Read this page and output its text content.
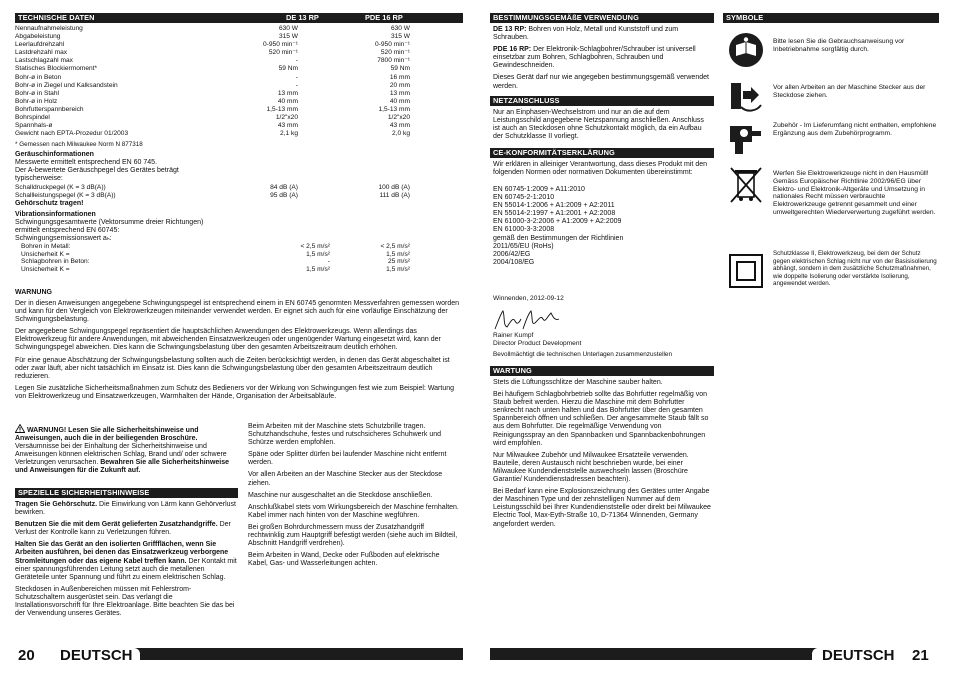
TECHNISCHE DATEN	DE 13 RP	PDE 16 RP
Nennaufnahmeleistung	630 W	630 W
Abgabeleistung	315 W	315 W
Leerlaufdrehzahl	0-950 min⁻¹	0-950 min⁻¹
Lastdrehzahl max	520 min⁻¹	520 min⁻¹
Lastschlagzahl max	-	7800 min⁻¹
Statisches Blockiermoment*	59 Nm	59 Nm
Bohr-ø in Beton	-	16 mm
Bohr-ø in Ziegel und Kalksandstein	-	20 mm
Bohr-ø in Stahl	13 mm	13 mm
Bohr-ø in Holz	40 mm	40 mm
Bohrfutterspannbereich	1,5-13 mm	1,5-13 mm
Bohrspindel	1/2"x20	1/2"x20
Spannhals-ø	43 mm	43 mm
Gewicht nach EPTA-Prozedur 01/2003	2,1 kg	2,0 kg
* Gemessen nach Milwaukee Norm N 877318
Geräuschinformationen
Messwerte ermittelt entsprechend EN 60 745.
Der A-bewertete Geräuschpegel des Gerätes beträgt
typischerweise:
Schalldruckpegel (K = 3 dB(A))	84 dB (A)	100 dB (A)
Schallleistungspegel (K = 3 dB(A))	95 dB (A)	111 dB (A)
Gehörschutz tragen!
Vibrationsinformationen
Schwingungsgesamtwerte (Vektorsumme dreier Richtungen)
ermittelt entsprechend EN 60745:
Schwingungsemissionswert aₕ:
Bohren in Metall:	< 2,5 m/s²	< 2,5 m/s²
Unsicherheit K =	1,5 m/s²	1,5 m/s²
Schlagbohren in Beton:	-	25 m/s²
Unsicherheit K =	1,5 m/s²	1,5 m/s²
WARNUNG

Der in diesen Anweisungen angegebene Schwingungspegel ist entsprechend einem in EN 60745 genormten Messverfahren gemessen worden und kann für den Vergleich von Elektrowerkzeugen miteinander verwendet werden. Er eignet sich auch für eine vorläufige Einschätzung der Schwingungsbelastung.

Der angegebene Schwingungspegel repräsentiert die hauptsächlichen Anwendungen des Elektrowerkzeugs. Wenn allerdings das Elektrowerkzeug für andere Anwendungen, mit abweichenden Einsatzwerkzeugen oder ungenügender Wartung eingesetzt wird, kann der Schwingungspegel abweichen. Dies kann die Schwingungsbelastung über den gesamten Arbeitszeitraum deutlich erhöhen.

Für eine genaue Abschätzung der Schwingungsbelastung sollten auch die Zeiten berücksichtigt werden, in denen das Gerät abgeschaltet ist oder zwar läuft, aber nicht tatsächlich im Einsatz ist. Dies kann die Schwingungsbelastung über den gesamten Arbeitszeitraum deutlich reduzieren.

Legen Sie zusätzliche Sicherheitsmaßnahmen zum Schutz des Bedieners vor der Wirkung von Schwingungen fest wie zum Beispiel: Wartung von Elektrowerkzeug und Einsatzwerkzeugen, Warmhalten der Hände, Organisation der Arbeitsabläufe.

WARNUNG! Lesen Sie alle Sicherheitshinweise und Anweisungen, auch die in der beiliegenden Broschüre. Versäumnisse bei der Einhaltung der Sicherheitshinweise und Anweisungen können elektrischen Schlag, Brand und/ oder schwere Verletzungen verursachen. Bewahren Sie alle Sicherheitshinweise und Anweisungen für die Zukunft auf.
SPEZIELLE SICHERHEITSHINWEISE

Tragen Sie Gehörschutz. Die Einwirkung von Lärm kann Gehörverlust bewirken.

Benutzen Sie die mit dem Gerät gelieferten Zusatzhandgriffe. Der Verlust der Kontrolle kann zu Verletzungen führen.

Halten Sie das Gerät an den isolierten Griffflächen, wenn Sie Arbeiten ausführen, bei denen das Einsatzwerkzeug verborgene Stromleitungen oder das eigene Kabel treffen kann. Der Kontakt mit einer spannungsführenden Leitung setzt auch die metallenen Geräteteile unter Spannung und führt zu einem elektrischen Schlag.

Steckdosen in Außenbereichen müssen mit Fehlerstrom-Schutzschaltern ausgerüstet sein. Das verlangt die Installationsvorschrift für Ihre Elektroanlage. Bitte beachten Sie das bei der Verwendung unseres Gerätes.

Beim Arbeiten mit der Maschine stets Schutzbrille tragen. Schutzhandschuhe, festes und rutschsicheres Schuhwerk und Schürze werden empfohlen.

Späne oder Splitter dürfen bei laufender Maschine nicht entfernt werden.

Vor allen Arbeiten an der Maschine Stecker aus der Steckdose ziehen.

Maschine nur ausgeschaltet an die Steckdose anschließen.

Anschlußkabel stets vom Wirkungsbereich der Maschine fernhalten. Kabel immer nach hinten von der Maschine wegführen.

Bei großen Bohrdurchmessern muss der Zusatzhandgriff rechtwinklig zum Hauptgriff befestigt werden (siehe auch im Bildteil, Abschnitt Handgriff verdrehen).

Beim Arbeiten in Wand, Decke oder Fußboden auf elektrische Kabel, Gas- und Wasserleitungen achten.

20 DEUTSCH
BESTIMMUNGSGEMÄßE VERWENDUNG

DE 13 RP: Bohren von Holz, Metall und Kunststoff und zum Schrauben.

PDE 16 RP: Der Elektronik-Schlagbohrer/Schrauber ist universell einsetzbar zum Bohren, Schlagbohren, Schrauben und Gewindeschneiden.

Dieses Gerät darf nur wie angegeben bestimmungsgemäß verwendet werden.

NETZANSCHLUSS
Nur an Einphasen-Wechselstrom und nur an die auf dem Leistungsschild angegebene Netzspannung anschließen. Anschluss ist auch an Steckdosen ohne Schutzkontakt möglich, da ein Aufbau der Schutzklasse II vorliegt.
CE-KONFORMITÄTSERKLÄRUNG
Wir erklären in alleiniger Verantwortung, dass dieses Produkt mit den folgenden Normen oder normativen Dokumenten übereinstimmt:
EN 60745-1:2009 + A11:2010
EN 60745-2-1:2010
EN 55014-1:2006 + A1:2009 + A2:2011
EN 55014-2:1997 + A1:2001 + A2:2008
EN 61000-3-2:2006 + A1:2009 + A2:2009
EN 61000-3-3:2008
gemäß den Bestimmungen der Richtlinien
2011/65/EU (RoHs)
2006/42/EG
2004/108/EG
Winnenden, 2012-09-12
Rainer Kumpf
Director Product Development
Bevollmächtigt die technischen Unterlagen zusammenzustellen
WARTUNG

Stets die Lüftungsschlitze der Maschine sauber halten.

Bei häufigem Schlagbohrbetrieb sollte das Bohrfutter regelmäßig von Staub befreit werden. Hierzu die Maschine mit dem Bohrfutter senkrecht nach unten halten und das Bohrfutter über den gesamten Spannbereich öffnen und schließen. Der angesammelte Staub fällt so aus dem Bohrfutter. Die regelmäßige Verwendung von Reinigungsspray an den Spannbacken und Spannbackenbohrungen wird empfohlen.

Nur Milwaukee Zubehör und Milwaukee Ersatzteile verwenden. Bauteile, deren Austausch nicht beschrieben wurde, bei einer Milwaukee Kundendienststelle auswechseln lassen (Broschüre Garantie/ Kundendienstadressen beachten).

Bei Bedarf kann eine Explosionszeichnung des Gerätes unter Angabe der Maschinen Type und der zehnstelligen Nummer auf dem Leistungsschild bei Ihrer Kundendienststelle oder direkt bei Milwaukee Electric Tool, Max-Eyth-Straße 10, D-71364 Winnenden, Germany angefordert werden.

SYMBOLE
Bitte lesen Sie die Gebrauchsanweisung vor Inbetriebnahme sorgfältig durch.
Vor allen Arbeiten an der Maschine Stecker aus der Steckdose ziehen.
Zubehör - Im Lieferumfang nicht enthalten, empfohlene Ergänzung aus dem Zubehörprogramm.
Werfen Sie Elektrowerkzeuge nicht in den Hausmüll! Gemäss Europäischer Richtlinie 2002/96/EG über Elektro- und Elektronik-Altgeräte und Umsetzung in nationales Recht müssen verbrauchte Elektrowerkzeuge getrennt gesammelt und einer umweltgerechten Wiederverwertung zugeführt werden.
Schutzklasse II, Elektrowerkzeug, bei dem der Schutz gegen elektrischen Schlag nicht nur von der Basisisolierung abhängt, sondern in dem zusätzliche Schutzmaßnahmen, wie doppelte Isolierung oder verstärkte Isolierung, angewendet werden.
DEUTSCH 21
